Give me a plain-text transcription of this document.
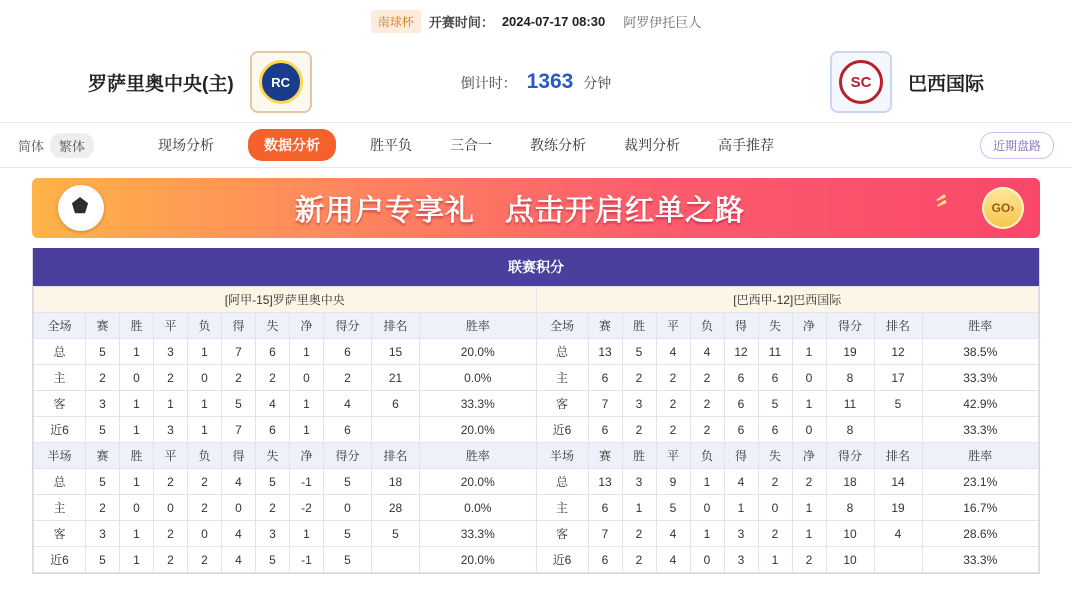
南球杯	开赛时间： 2024-07-17 08:30 阿罗伊托巨人
罗萨里奥中央(主)	RC	倒计时： 1363 分钟	SC	巴西国际
简体	繁体	现场分析	数据分析	胜平负	三合一	教练分析	裁判分析	高手推荐	近期盘路
新用户专享礼　点击开启红单之路	〞	GO›
联赛积分
[阿甲-15]罗萨里奥中央											[巴西甲-12]巴西国际										
全场	赛	胜	平	负	得	失	净	得分	排名	胜率	全场	赛	胜	平	负	得	失	净	得分	排名	胜率
总	5	1	3	1	7	6	1	6	15	20.0%	总	13	5	4	4	12	11	1	19	12	38.5%
主	2	0	2	0	2	2	0	2	21	0.0%	主	6	2	2	2	6	6	0	8	17	33.3%
客	3	1	1	1	5	4	1	4	6	33.3%	客	7	3	2	2	6	5	1	11	5	42.9%
近6	5	1	3	1	7	6	1	6		20.0%	近6	6	2	2	2	6	6	0	8		33.3%
半场	赛	胜	平	负	得	失	净	得分	排名	胜率	半场	赛	胜	平	负	得	失	净	得分	排名	胜率
总	5	1	2	2	4	5	-1	5	18	20.0%	总	13	3	9	1	4	2	2	18	14	23.1%
主	2	0	0	2	0	2	-2	0	28	0.0%	主	6	1	5	0	1	0	1	8	19	16.7%
客	3	1	2	0	4	3	1	5	5	33.3%	客	7	2	4	1	3	2	1	10	4	28.6%
近6	5	1	2	2	4	5	-1	5		20.0%	近6	6	2	4	0	3	1	2	10		33.3%
